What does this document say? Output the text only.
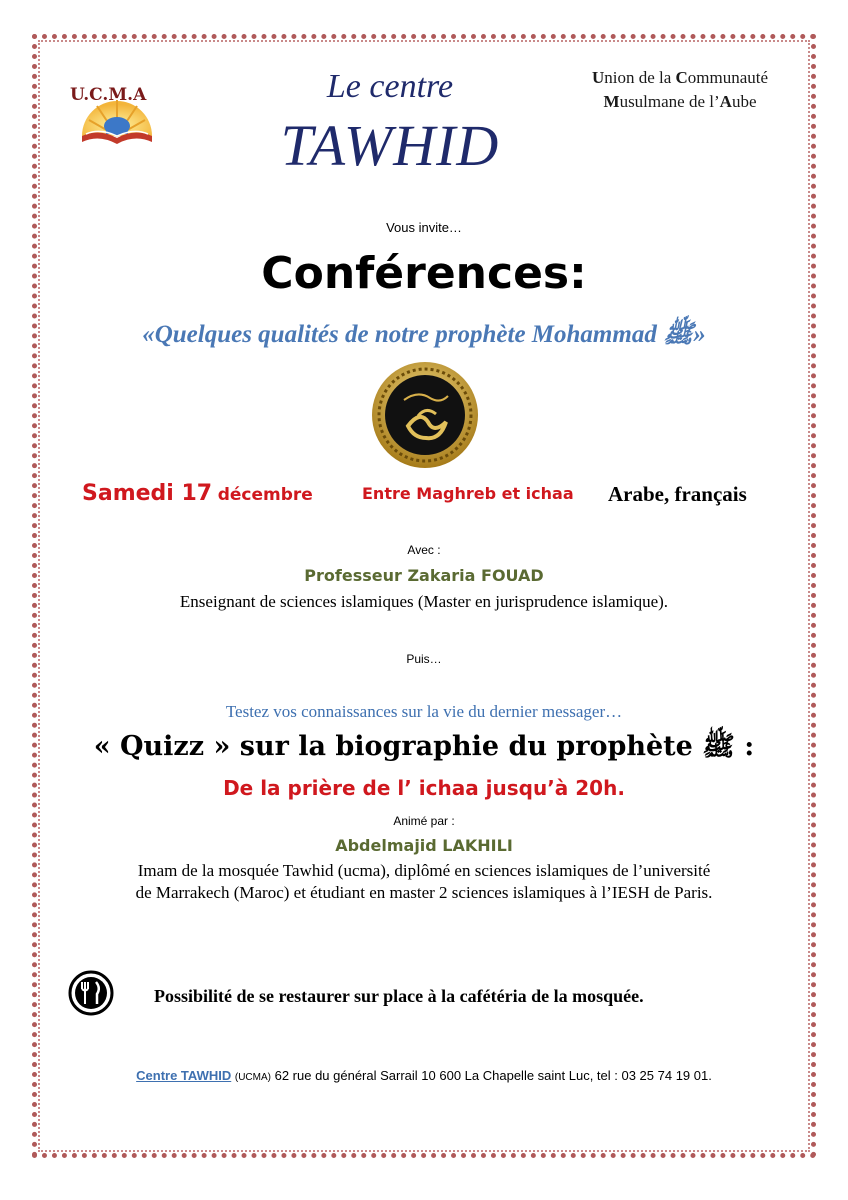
U.C.M.A	Le centre
TAWHID
Union de la Communauté
Musulmane de l’Aube
Vous invite…
Conférences:
«Quelques qualités de notre prophète Mohammad ﷺ»
Samedi 17 décembre	Entre Maghreb et ichaa Arabe, français
Avec :
Professeur Zakaria FOUAD
Enseignant de sciences islamiques (Master en jurisprudence islamique).
Puis…
Testez vos connaissances sur la vie du dernier messager…
« Quizz » sur la biographie du prophète ﷺ :
De la prière de l’ ichaa jusqu’à 20h.
Animé par :
Abdelmajid LAKHILI
Imam de la mosquée Tawhid (ucma), diplômé en sciences islamiques de l’université
de Marrakech (Maroc) et étudiant en master 2 sciences islamiques à l’IESH de Paris.
Possibilité de se restaurer sur place à la cafétéria de la mosquée.
Centre TAWHID (UCMA) 62 rue du général Sarrail 10 600 La Chapelle saint Luc, tel : 03 25 74 19 01.
